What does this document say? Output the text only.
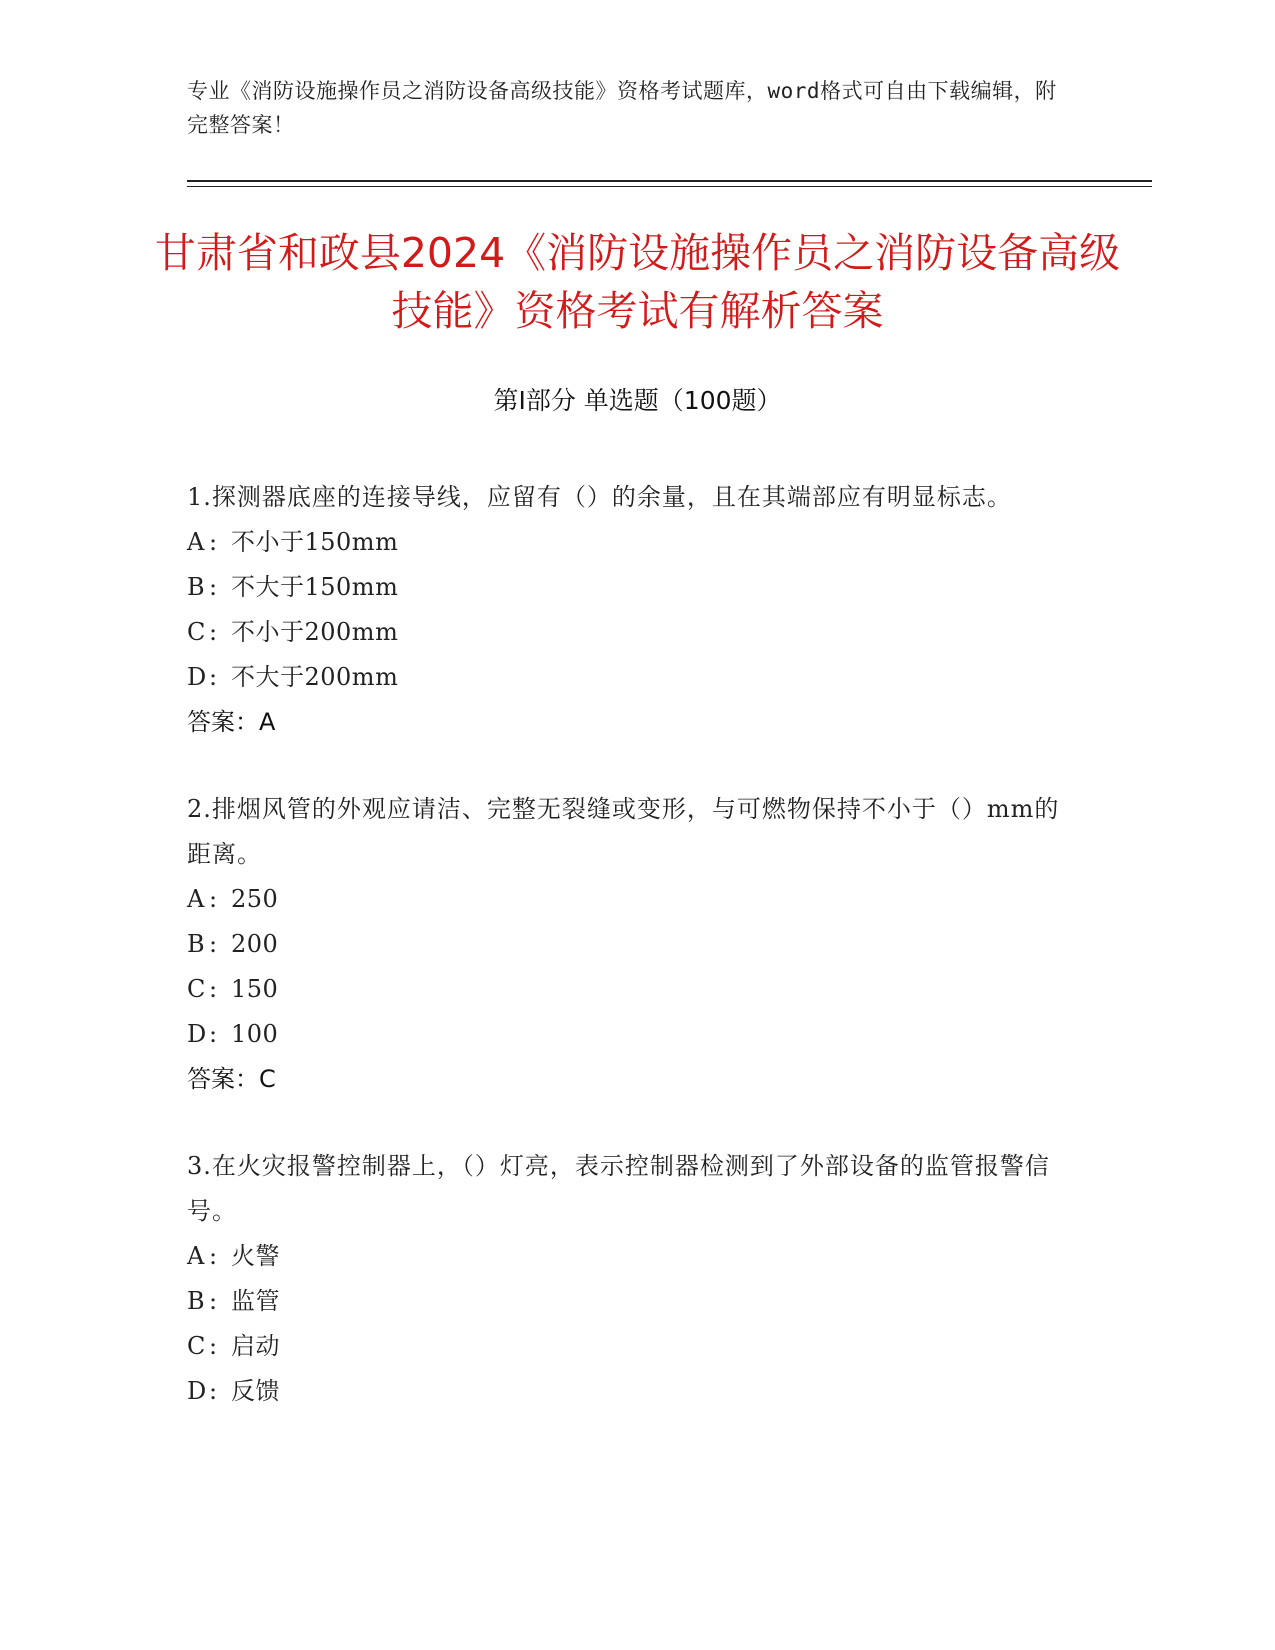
专业《消防设施操作员之消防设备高级技能》资格考试题库，word格式可自由下载编辑，附完整答案！
甘肃省和政县2024《消防设施操作员之消防设备高级技能》资格考试有解析答案
第Ⅰ部分 单选题（100题）
1.探测器底座的连接导线，应留有（）的余量，且在其端部应有明显标志。
A : 不小于150mm
B : 不大于150mm
C : 不小于200mm
D: 不大于200mm
答案：A
2.排烟风管的外观应请洁、完整无裂缝或变形，与可燃物保持不小于（）mm的距离。
A : 250
B : 200
C : 150
D: 100
答案：C
3.在火灾报警控制器上，（）灯亮，表示控制器检测到了外部设备的监管报警信号。
A : 火警
B : 监管
C : 启动
D: 反馈
